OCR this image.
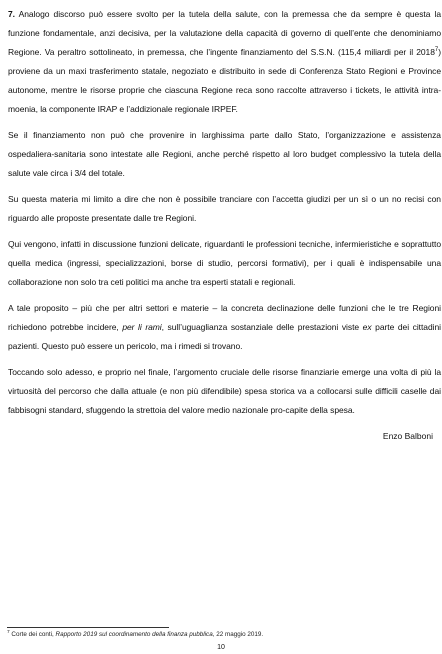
7. Analogo discorso può essere svolto per la tutela della salute, con la premessa che da sempre è questa la funzione fondamentale, anzi decisiva, per la valutazione della capacità di governo di quell’ente che denominiamo Regione. Va peraltro sottolineato, in premessa, che l’ingente finanziamento del S.S.N. (115,4 miliardi per il 2018$^7$) proviene da un maxi trasferimento statale, negoziato e distribuito in sede di Conferenza Stato Regioni e Province autonome, mentre le risorse proprie che ciascuna Regione reca sono raccolte attraverso i tickets, le attività intra-moenia, la componente IRAP e l’addizionale regionale IRPEF.

Se il finanziamento non può che provenire in larghissima parte dallo Stato, l’organizzazione e assistenza ospedaliera-sanitaria sono intestate alle Regioni, anche perché rispetto al loro budget complessivo la tutela della salute vale circa i 3/4 del totale.

Su questa materia mi limito a dire che non è possibile tranciare con l’accetta giudizi per un sì o un no recisi con riguardo alle proposte presentate dalle tre Regioni.

Qui vengono, infatti in discussione funzioni delicate, riguardanti le professioni tecniche, infermieristiche e soprattutto quella medica (ingressi, specializzazioni, borse di studio, percorsi formativi), per i quali è indispensabile una collaborazione non solo tra ceti politici ma anche tra esperti statali e regionali.

A tale proposito – più che per altri settori e materie – la concreta declinazione delle funzioni che le tre Regioni richiedono potrebbe incidere, per li rami, sull’uguaglianza sostanziale delle prestazioni viste ex parte dei cittadini pazienti. Questo può essere un pericolo, ma i rimedi si trovano.

Toccando solo adesso, e proprio nel finale, l’argomento cruciale delle risorse finanziarie emerge una volta di più la virtuosità del percorso che dalla attuale (e non più difendibile) spesa storica va a collocarsi sulle difficili caselle dai fabbisogni standard, sfuggendo la strettoia del valore medio nazionale pro-capite della spesa.

Enzo Balboni
$^7$ Corte dei conti, Rapporto 2019 sul coordinamento della finanza pubblica, 22 maggio 2019.
10
